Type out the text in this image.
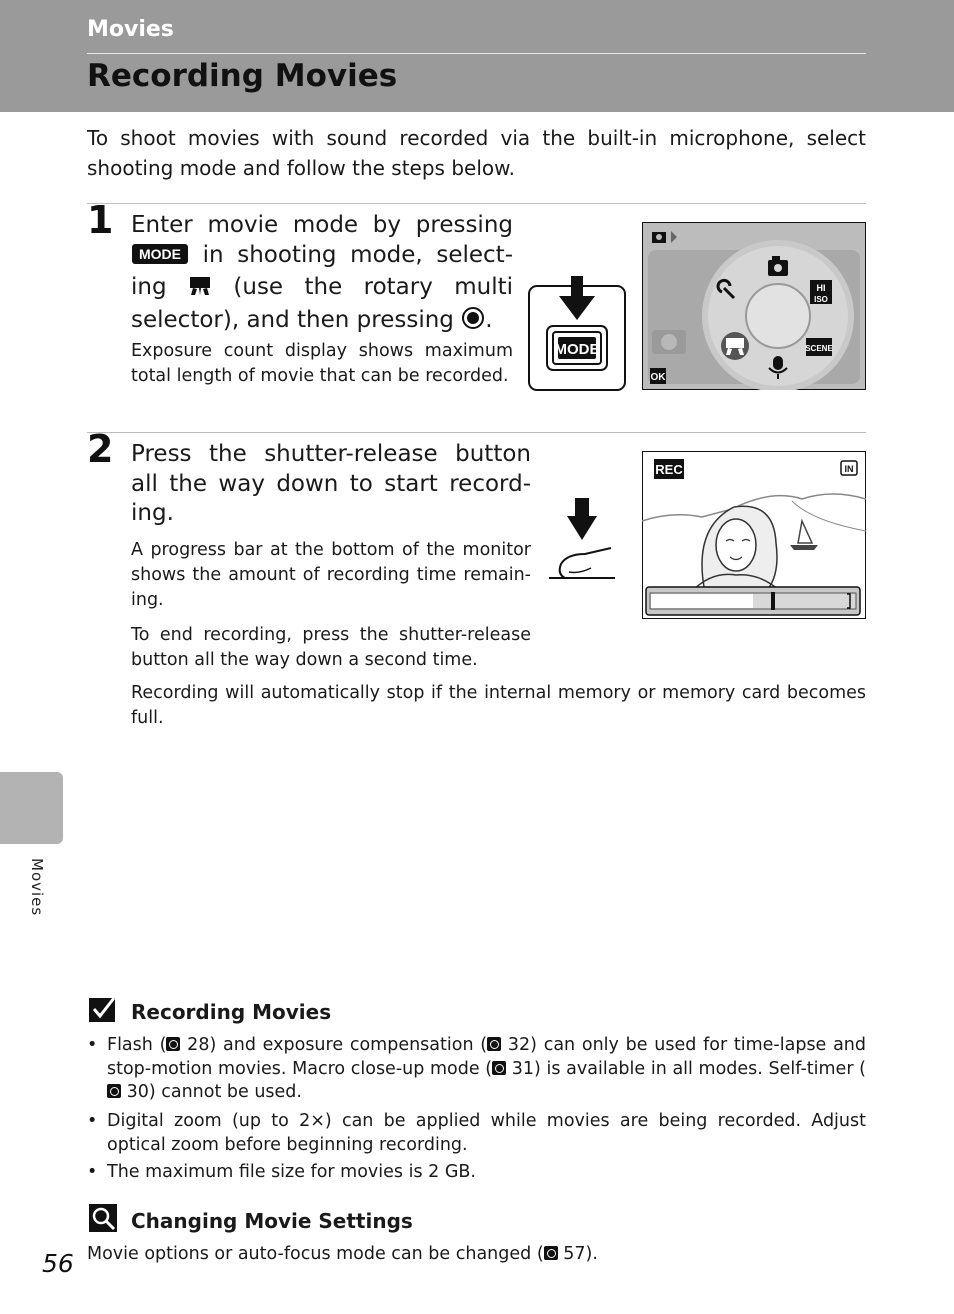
Movies
Recording Movies
To shoot movies with sound recorded via the built-in microphone, select shooting mode and follow the steps below.
1 Enter movie mode by pressing
MODE in shooting mode, select-ing	(use the rotary multi selector), and then pressing .
Exposure count display shows maximum total length of movie that can be recorded.
MODE
OK
HI
ISO
SCENE
2 Press the shutter-release button all the way down to start record-ing.
A progress bar at the bottom of the monitor shows the amount of recording time remain-ing.
To end recording, press the shutter-release button all the way down a second time.
Recording will automatically stop if the internal memory or memory card becomes full.
REC	IN
Movies
Recording Movies
• Flash ( 28) and exposure compensation ( 32) can only be used for time-lapse and stop-motion movies. Macro close-up mode ( 31) is available in all modes. Self-timer ( 30) cannot be used.
• Digital zoom (up to 2×) can be applied while movies are being recorded. Adjust optical zoom before beginning recording.
• The maximum file size for movies is 2 GB.
Changing Movie Settings
Movie options or auto-focus mode can be changed ( 57).
56
